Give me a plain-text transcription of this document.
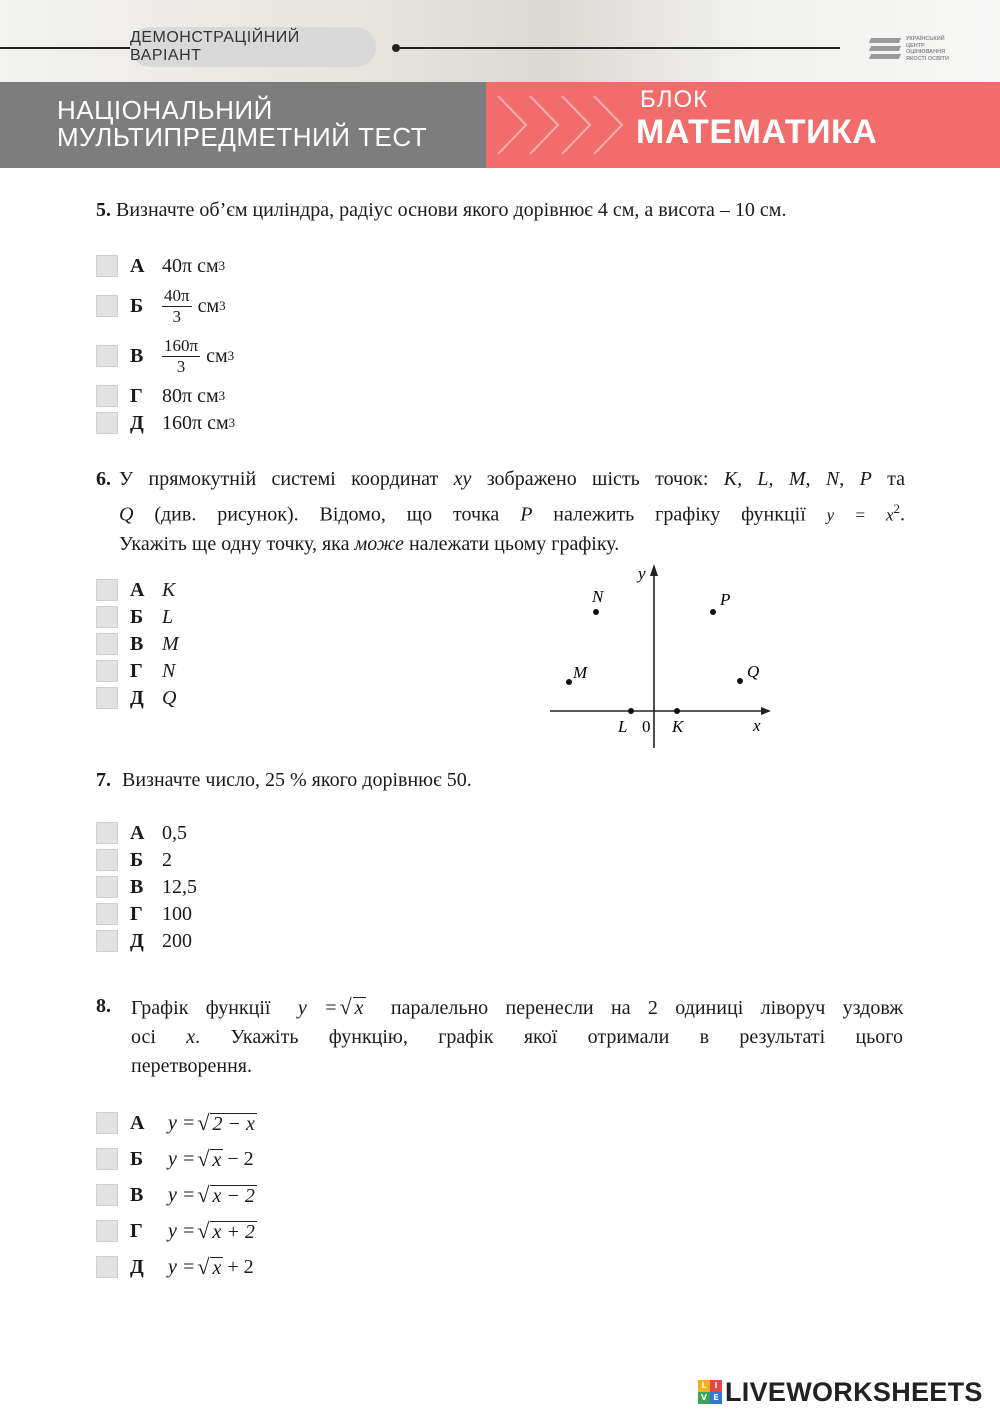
ДЕМОНСТРАЦІЙНИЙ ВАРІАНТ
УКРАЇНСЬКИЙ
ЦЕНТР
ОЦІНЮВАННЯ
ЯКОСТІ ОСВІТИ
НАЦІОНАЛЬНИЙ
МУЛЬТИПРЕДМЕТНИЙ ТЕСТ
БЛОК
МАТЕМАТИКА
5. Визначте об’єм циліндра, радіус основи якого дорівнює 4 см, а висота – 10 см.
А 40π см 3
Б	$\frac{40\pi}{3}$ см 3
В	$\frac{160\pi}{3}$ см 3
Г 80π см 3
Д 160π см 3
6. У прямокутній системі координат xy зображено шість точок: K, L, M, N, P та
Q (див. рисунок). Відомо, що точка P належить графіку функції $y = x^2$.
Укажіть ще одну точку, яка може належати цьому графіку.
А K
Б L
В M
Г N
Д Q
y
x
0
N	P
M	Q
L	K
7. Визначте число, 25 % якого дорівнює 50.
А 0,5
Б 2
В 12,5
Г 100
Д 200
8.	Графік функції y =√ x паралельно перенесли на 2 одиниці ліворуч уздовж
осі x. Укажіть функцію, графік якої отримали в результаті цього
перетворення.
А	y = √ 2 − x
Б	y = √ x − 2
В	y = √ x − 2
Г	y = √ x + 2
Д	y = √ x + 2
L I
V E LIVEWORKSHEETS
